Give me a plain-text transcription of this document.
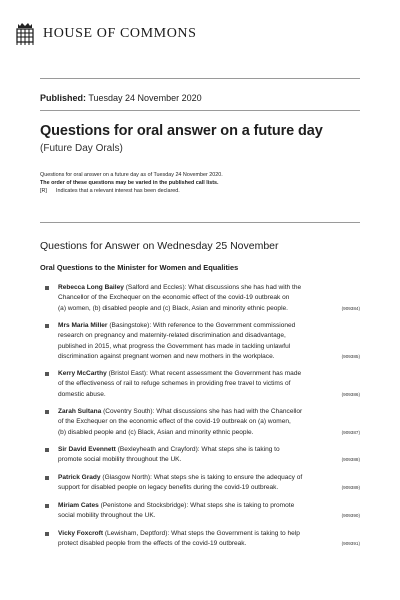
HOUSE OF COMMONS
Published: Tuesday 24 November 2020
Questions for oral answer on a future day
(Future Day Orals)
Questions for oral answer on a future day as of Tuesday 24 November 2020.
The order of these questions may be varied in the published call lists.
[R] Indicates that a relevant interest has been declared.
Questions for Answer on Wednesday 25 November
Oral Questions to the Minister for Women and Equalities
Rebecca Long Bailey (Salford and Eccles): What discussions she has had with the
Chancellor of the Exchequer on the economic effect of the covid-19 outbreak on
(a) women, (b) disabled people and (c) Black, Asian and minority ethnic people.	(909384)
Mrs Maria Miller (Basingstoke): With reference to the Government commissioned
research on pregnancy and maternity-related discrimination and disadvantage,
published in 2015, what progress the Government has made in tackling unlawful
discrimination against pregnant women and new mothers in the workplace.	(909385)
Kerry McCarthy (Bristol East): What recent assessment the Government has made
of the effectiveness of rail to refuge schemes in providing free travel to victims of
domestic abuse.	(909386)
Zarah Sultana (Coventry South): What discussions she has had with the Chancellor
of the Exchequer on the economic effect of the covid-19 outbreak on (a) women,
(b) disabled people and (c) Black, Asian and minority ethnic people.	(909387)
Sir David Evennett (Bexleyheath and Crayford): What steps she is taking to
promote social mobility throughout the UK.	(909388)
Patrick Grady (Glasgow North): What steps she is taking to ensure the adequacy of
support for disabled people on legacy benefits during the covid-19 outbreak.	(909389)
Miriam Cates (Penistone and Stocksbridge): What steps she is taking to promote
social mobility throughout the UK.	(909390)
Vicky Foxcroft (Lewisham, Deptford): What steps the Government is taking to help
protect disabled people from the effects of the covid-19 outbreak.	(909391)
